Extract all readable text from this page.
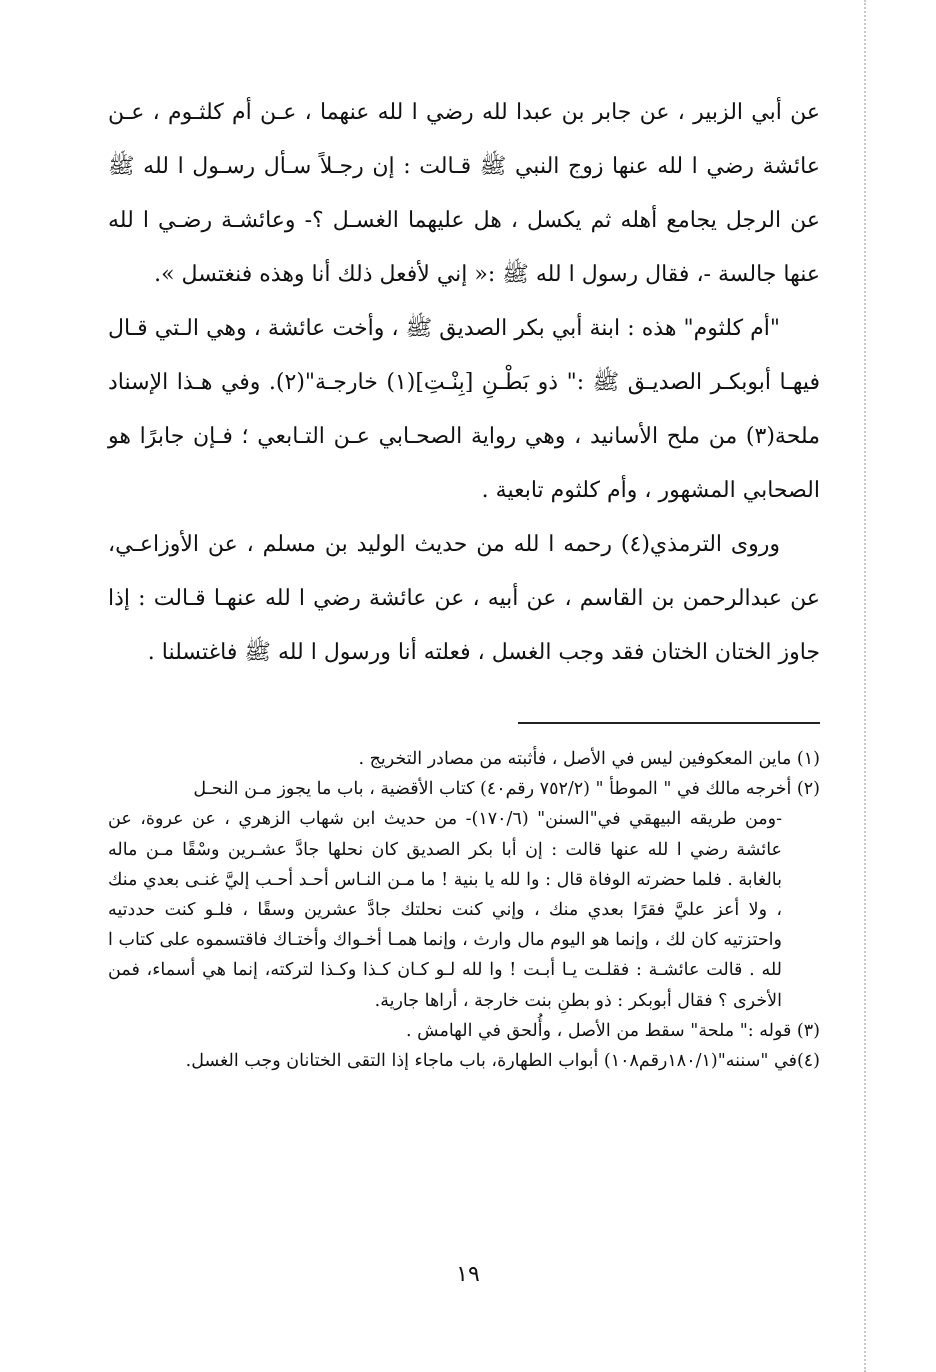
عن أبي الزبير ، عن جابر بن عبدا لله رضي ا لله عنهما ، عـن أم كلثـوم ، عـن عائشة رضي ا لله عنها زوج النبي ﷺ قـالت : إن رجـلاً سـأل رسـول ا لله ﷺ عن الرجل يجامع أهله ثم يكسل ، هل عليهما الغسـل ؟- وعائشـة رضـي ا لله عنها جالسة -، فقال رسول ا لله ﷺ :« إني لأفعل ذلك أنا وهذه فنغتسل ».

"أم كلثوم" هذه : ابنة أبي بكر الصديق ﷺ ، وأخت عائشة ، وهي الـتي قـال فيهـا أبوبكـر الصديـق ﷺ :" ذو بَطْـنِ [بِنْـتِ](١) خارجـة"(٢). وفي هـذا الإسناد ملحة(٣) من ملح الأسانيد ، وهي رواية الصحـابي عـن التـابعي ؛ فـإن جابرًا هو الصحابي المشهور ، وأم كلثوم تابعية .

وروى الترمذي(٤) رحمه ا لله من حديث الوليد بن مسلم ، عن الأوزاعـي، عن عبدالرحمن بن القاسم ، عن أبيه ، عن عائشة رضي ا لله عنهـا قـالت : إذا جاوز الختان الختان فقد وجب الغسل ، فعلته أنا ورسول ا لله ﷺ فاغتسلنا .

(١) ماين المعكوفين ليس في الأصل ، فأثبته من مصادر التخريج .

(٢) أخرجه مالك في " الموطأ " (٧٥٢/٢ رقم٤٠) كتاب الأقضية ، باب ما يجوز مـن النحـل

-ومن طريقه البيهقي في"السنن" (١٧٠/٦)- من حديث ابن شهاب الزهري ، عن عروة، عن عائشة رضي ا لله عنها قالت : إن أبا بكر الصديق كان نحلها جادَّ عشـرين وسْقًا مـن ماله بالغابة . فلما حضرته الوفاة قال : وا لله يا بنية ! ما مـن النـاس أحـد أحـب إليَّ غنـى بعدي منك ، ولا أعز عليَّ فقرًا بعدي منك ، وإني كنت نحلتك جادَّ عشرين وسقًا ، فلـو كنت حددتيه واحتزتيه كان لك ، وإنما هو اليوم مال وارث ، وإنما همـا أخـواك وأختـاك فاقتسموه على كتاب ا لله . قالت عائشـة : فقلـت يـا أبـت ! وا لله لـو كـان كـذا وكـذا لتركته، إنما هي أسماء، فمن الأخرى ؟ فقال أبوبكر : ذو بطنِ بنت خارجة ، أراها جارية.

(٣) قوله :" ملحة" سقط من الأصل ، وأُلحق في الهامش .

(٤)في "سننه"(١٨٠/١رقم١٠٨) أبواب الطهارة، باب ماجاء إذا التقى الختانان وجب الغسل.

١٩
